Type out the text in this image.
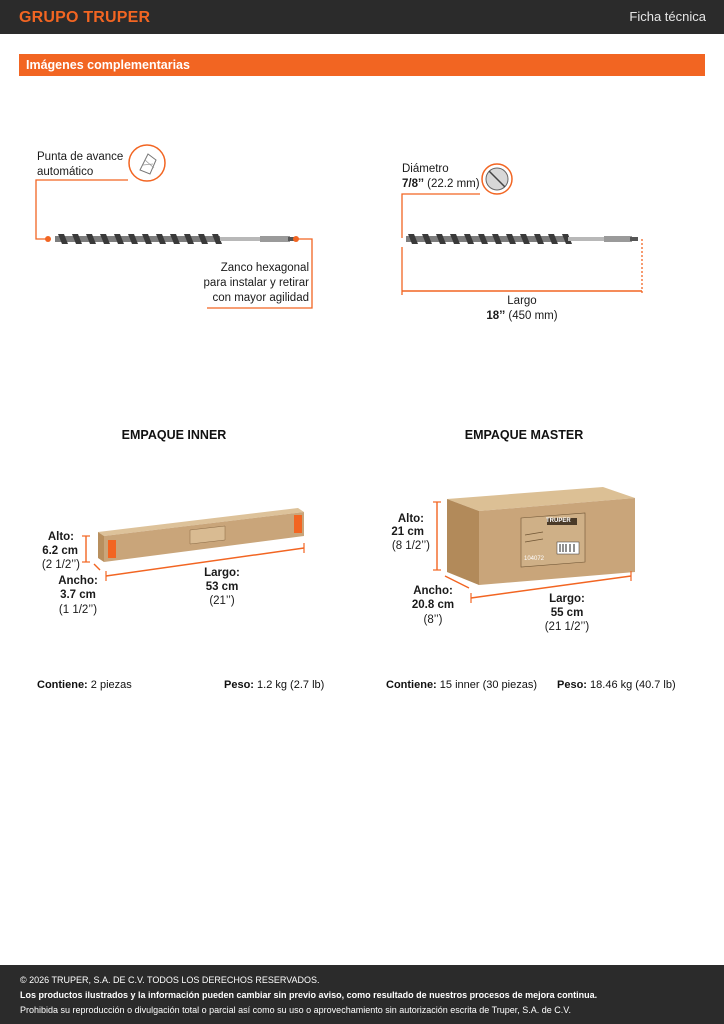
GRUPO TRUPER	Ficha técnica
Imágenes complementarias
Punta de avance
automático
Zanco hexagonal
para instalar y retirar
con mayor agilidad
Diámetro
7/8’’ (22.2 mm)
Largo
18’’ (450 mm)
EMPAQUE INNER
Alto:
6.2 cm
(2 1/2’’)
Ancho:
3.7 cm
(1 1/2’’)
Largo:
53 cm
(21’’)
Contiene: 2 piezas	Peso: 1.2 kg (2.7 lb)
EMPAQUE MASTER
TRUPER
104072
Alto:
21 cm
(8 1/2’’)
Ancho:
20.8 cm
(8’’)
Largo:
55 cm
(21 1/2’’)
Contiene: 15 inner (30 piezas) Peso: 18.46 kg (40.7 lb)
© 2026 TRUPER, S.A. DE C.V. TODOS LOS DERECHOS RESERVADOS.
Los productos ilustrados y la información pueden cambiar sin previo aviso, como resultado de nuestros procesos de mejora continua.
Prohibida su reproducción o divulgación total o parcial así como su uso o aprovechamiento sin autorización escrita de Truper, S.A. de C.V.
